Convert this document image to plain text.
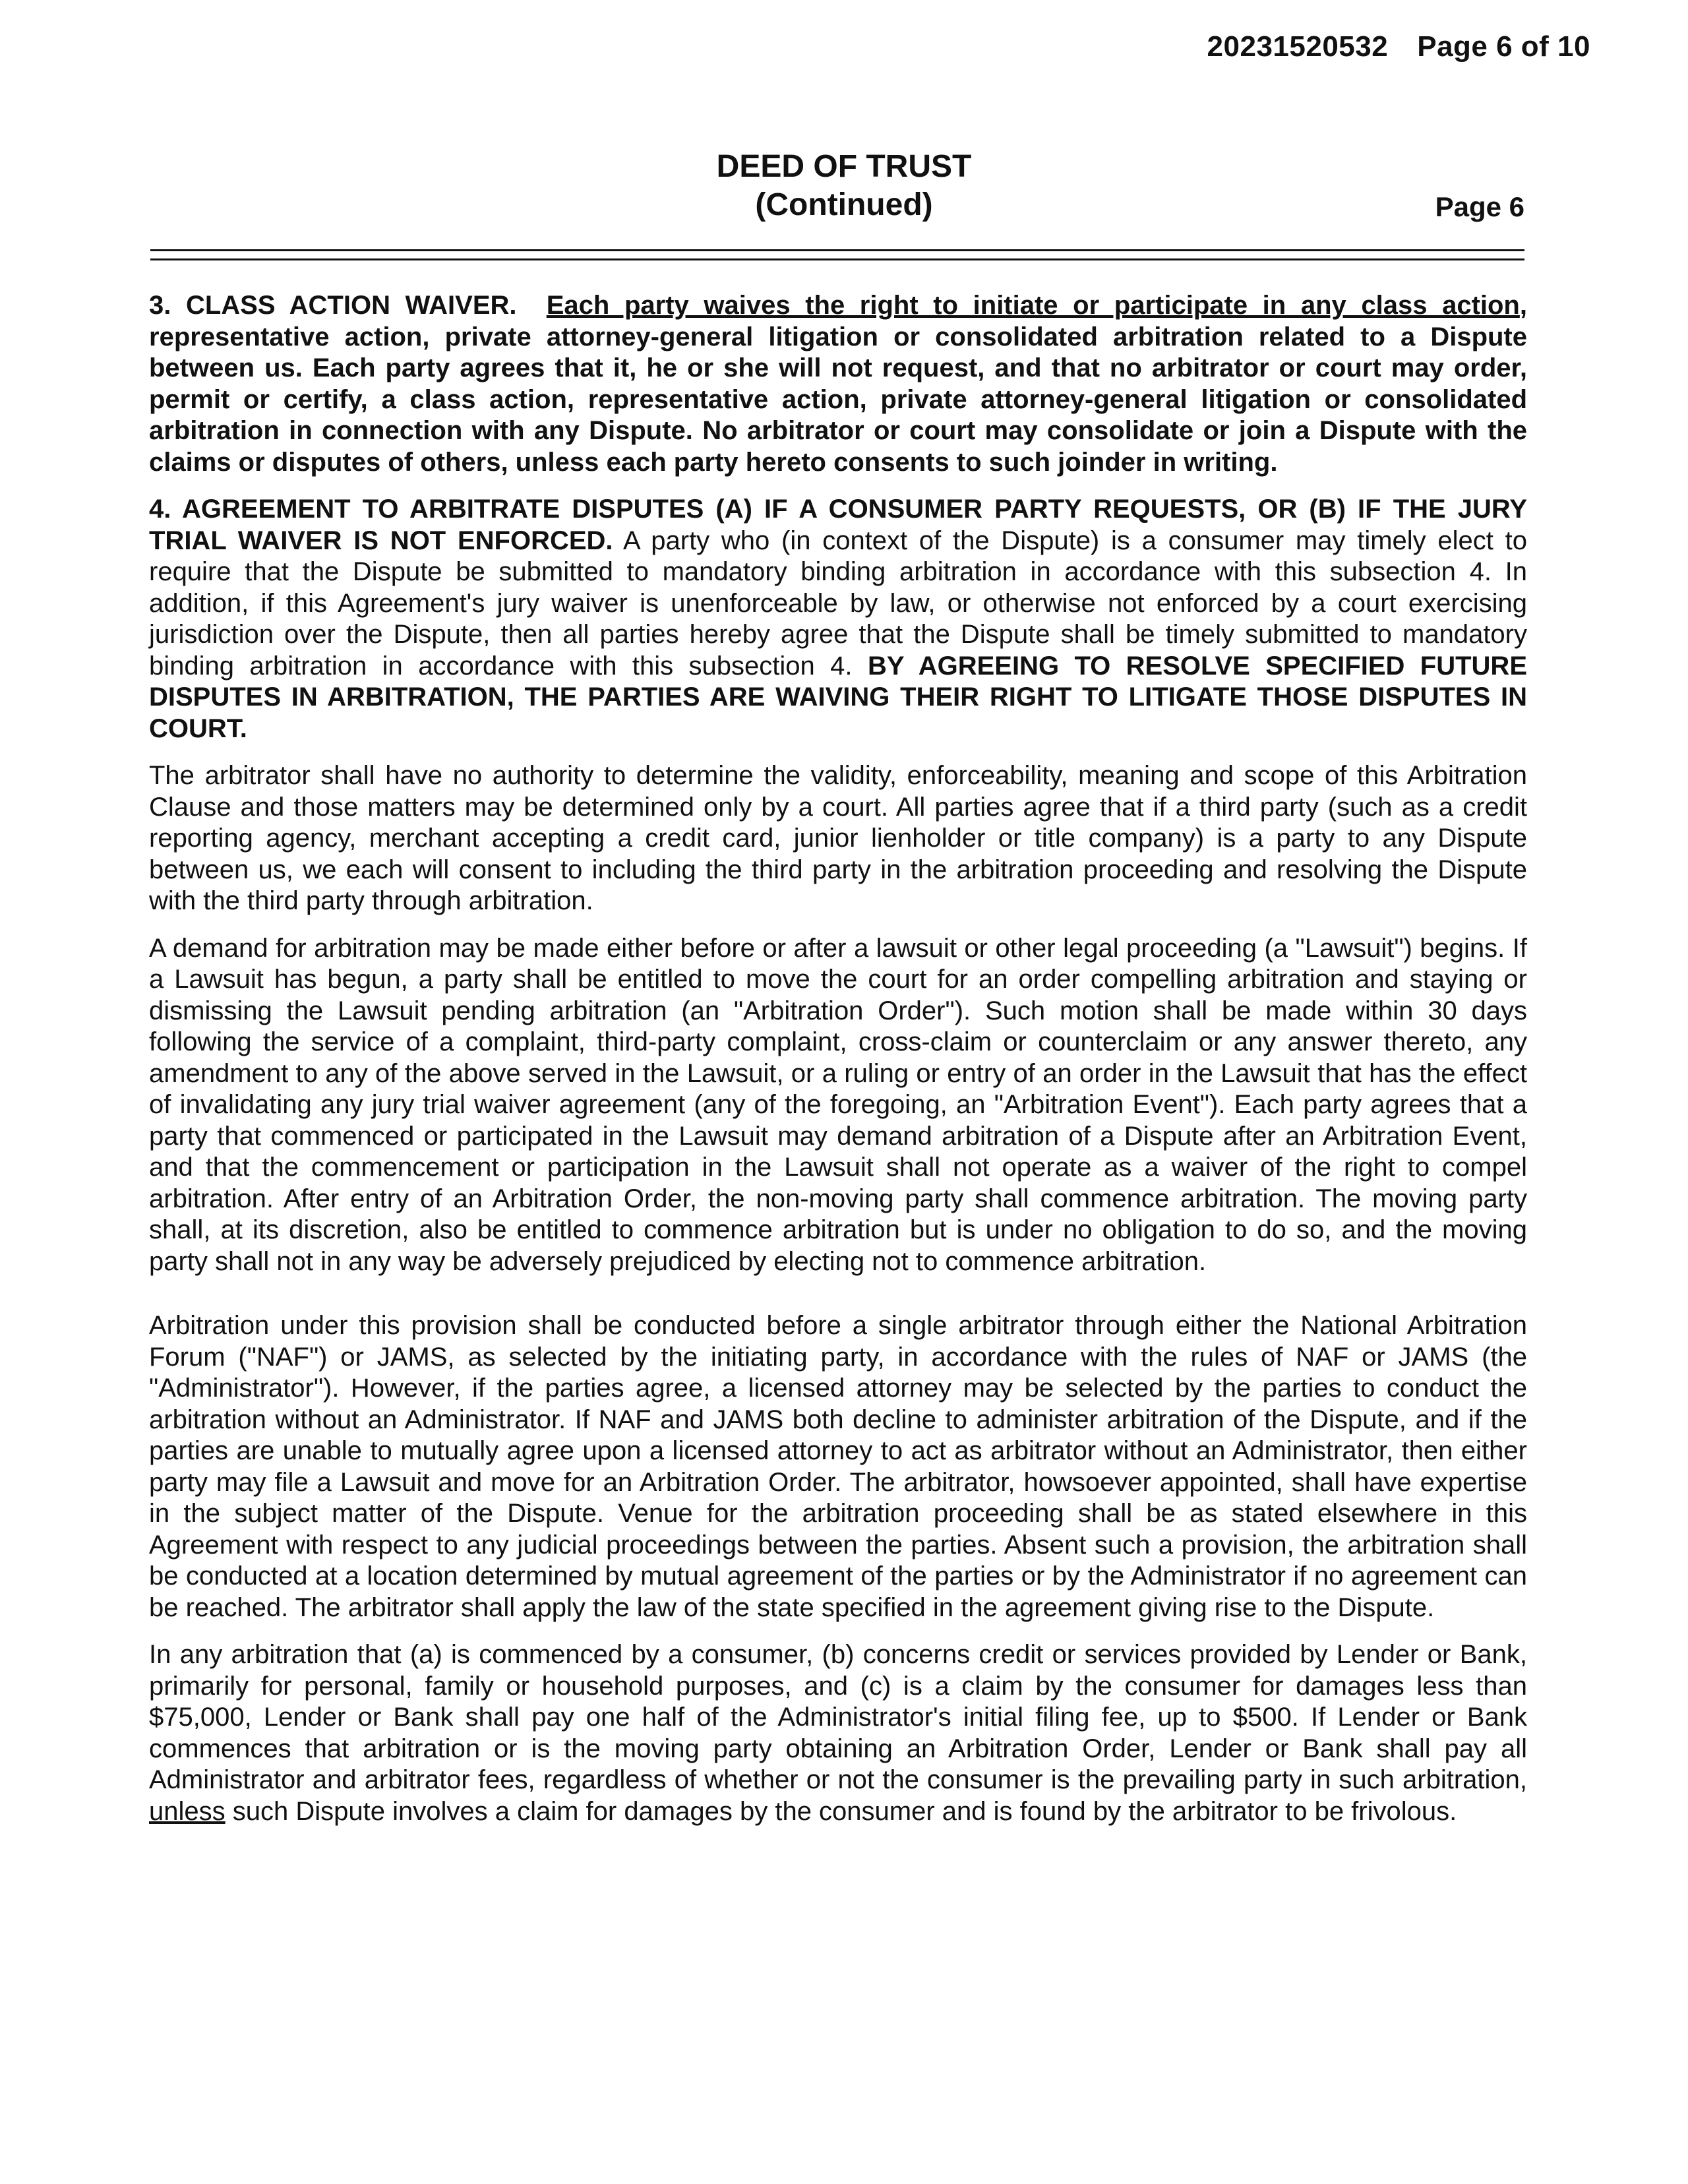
20231520532 Page 6 of 10
DEED OF TRUST
(Continued)	Page 6

3. CLASS ACTION WAIVER. Each party waives the right to initiate or participate in any class action, representative action, private attorney-general litigation or consolidated arbitration related to a Dispute between us. Each party agrees that it, he or she will not request, and that no arbitrator or court may order, permit or certify, a class action, representative action, private attorney-general litigation or consolidated arbitration in connection with any Dispute. No arbitrator or court may consolidate or join a Dispute with the claims or disputes of others, unless each party hereto consents to such joinder in writing.

4. AGREEMENT TO ARBITRATE DISPUTES (A) IF A CONSUMER PARTY REQUESTS, OR (B) IF THE JURY TRIAL WAIVER IS NOT ENFORCED. A party who (in context of the Dispute) is a consumer may timely elect to require that the Dispute be submitted to mandatory binding arbitration in accordance with this subsection 4. In addition, if this Agreement's jury waiver is unenforceable by law, or otherwise not enforced by a court exercising jurisdiction over the Dispute, then all parties hereby agree that the Dispute shall be timely submitted to mandatory binding arbitration in accordance with this subsection 4. BY AGREEING TO RESOLVE SPECIFIED FUTURE DISPUTES IN ARBITRATION, THE PARTIES ARE WAIVING THEIR RIGHT TO LITIGATE THOSE DISPUTES IN COURT.

The arbitrator shall have no authority to determine the validity, enforceability, meaning and scope of this Arbitration Clause and those matters may be determined only by a court. All parties agree that if a third party (such as a credit reporting agency, merchant accepting a credit card, junior lienholder or title company) is a party to any Dispute between us, we each will consent to including the third party in the arbitration proceeding and resolving the Dispute with the third party through arbitration.

A demand for arbitration may be made either before or after a lawsuit or other legal proceeding (a "Lawsuit") begins. If a Lawsuit has begun, a party shall be entitled to move the court for an order compelling arbitration and staying or dismissing the Lawsuit pending arbitration (an "Arbitration Order"). Such motion shall be made within 30 days following the service of a complaint, third-party complaint, cross-claim or counterclaim or any answer thereto, any amendment to any of the above served in the Lawsuit, or a ruling or entry of an order in the Lawsuit that has the effect of invalidating any jury trial waiver agreement (any of the foregoing, an "Arbitration Event"). Each party agrees that a party that commenced or participated in the Lawsuit may demand arbitration of a Dispute after an Arbitration Event, and that the commencement or participation in the Lawsuit shall not operate as a waiver of the right to compel arbitration. After entry of an Arbitration Order, the non-moving party shall commence arbitration. The moving party shall, at its discretion, also be entitled to commence arbitration but is under no obligation to do so, and the moving party shall not in any way be adversely prejudiced by electing not to commence arbitration.

Arbitration under this provision shall be conducted before a single arbitrator through either the National Arbitration Forum ("NAF") or JAMS, as selected by the initiating party, in accordance with the rules of NAF or JAMS (the "Administrator"). However, if the parties agree, a licensed attorney may be selected by the parties to conduct the arbitration without an Administrator. If NAF and JAMS both decline to administer arbitration of the Dispute, and if the parties are unable to mutually agree upon a licensed attorney to act as arbitrator without an Administrator, then either party may file a Lawsuit and move for an Arbitration Order. The arbitrator, howsoever appointed, shall have expertise in the subject matter of the Dispute. Venue for the arbitration proceeding shall be as stated elsewhere in this Agreement with respect to any judicial proceedings between the parties. Absent such a provision, the arbitration shall be conducted at a location determined by mutual agreement of the parties or by the Administrator if no agreement can be reached. The arbitrator shall apply the law of the state specified in the agreement giving rise to the Dispute.

In any arbitration that (a) is commenced by a consumer, (b) concerns credit or services provided by Lender or Bank, primarily for personal, family or household purposes, and (c) is a claim by the consumer for damages less than $75,000, Lender or Bank shall pay one half of the Administrator's initial filing fee, up to $500. If Lender or Bank commences that arbitration or is the moving party obtaining an Arbitration Order, Lender or Bank shall pay all Administrator and arbitrator fees, regardless of whether or not the consumer is the prevailing party in such arbitration, unless such Dispute involves a claim for damages by the consumer and is found by the arbitrator to be frivolous.
